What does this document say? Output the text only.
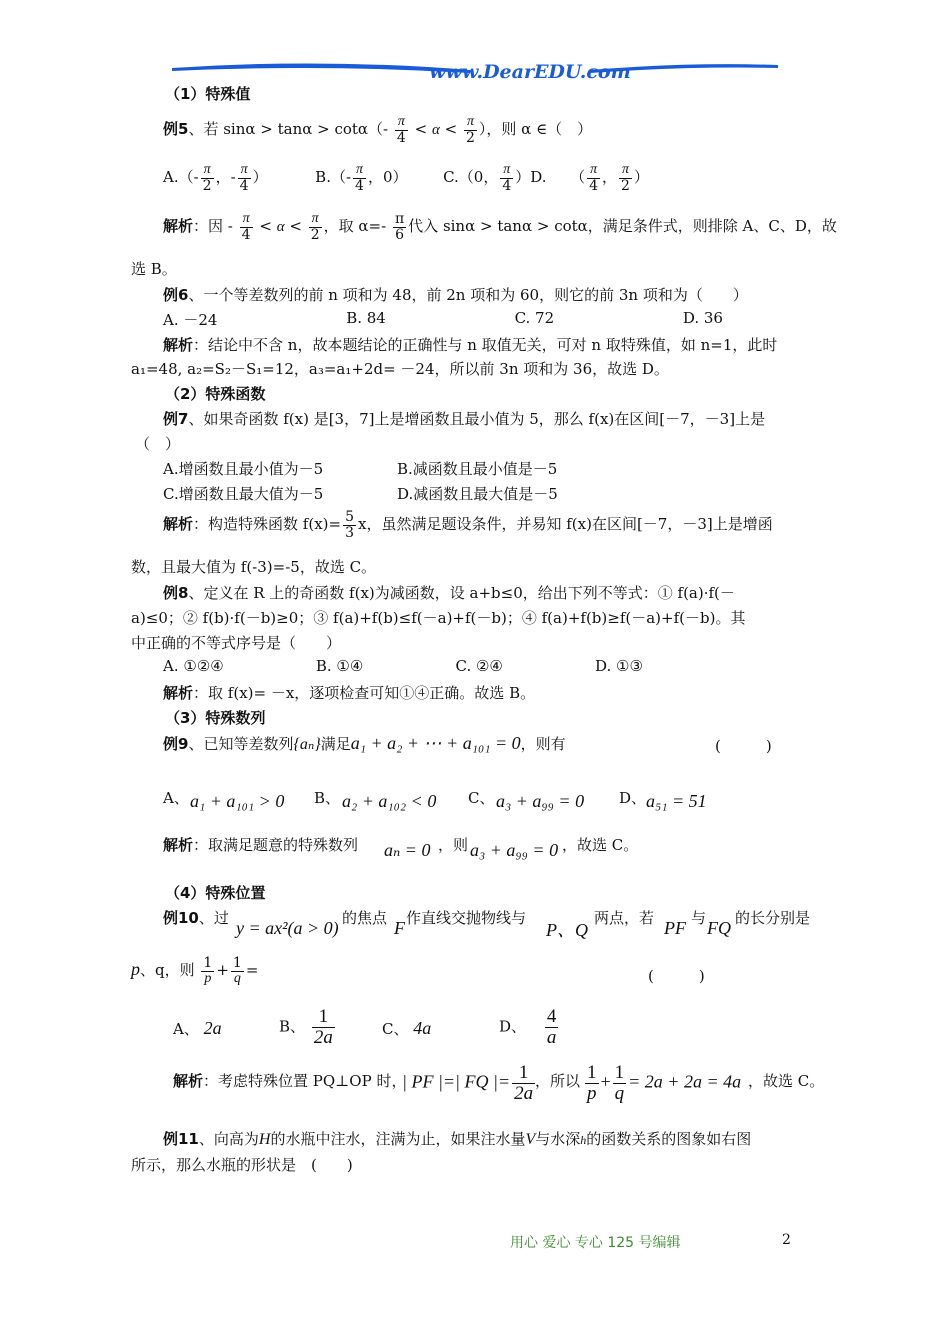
www.DearEDU.com
（1）特殊值
例5、若 $\sin\alpha > \tan\alpha > \cot\alpha(- \frac{\pi}{4} < \alpha < \frac{\pi}{2}$ ），则 α ∈（　）
$A.(- \frac{\pi}{2}$ ，- $\frac{\pi}{4}$ ）	$B.(- \frac{\pi}{4}$ ，0） C.（0， $\frac{\pi}{4} )D$. （ $\frac{\pi}{4}$ ， $\frac{\pi}{2}$ ）
解析：因 - $\frac{\pi}{4} < \alpha < \frac{\pi}{2}$ ，取 $\alpha=- \frac{\pi}{6}$ 代入 sinα > tanα > cotα，满足条件式，则排除 A、C、D，故
选 B。
例6、一个等差数列的前 n 项和为 48，前 2n 项和为 60，则它的前 3n 项和为（　　）
A. －24	B. 84	C. 72	D. 36
解析：结论中不含 n，故本题结论的正确性与 n 取值无关，可对 n 取特殊值，如 n=1，此时
a₁=48, a₂=S₂－S₁=12，a₃=a₁+2d= －24，所以前 3n 项和为 36，故选 D。
（2）特殊函数
例7、如果奇函数 f(x) 是[3，7]上是增函数且最小值为 5，那么 f(x)在区间[－7，－3]上是
（　）
A.增函数且最小值为－5	B.减函数且最小值是－5
C.增函数且最大值为－5	D.减函数且最大值是－5
解析：构造特殊函数 $f(x)= \frac{5}{3}$ x，虽然满足题设条件，并易知 f(x)在区间[－7，－3]上是增函
数，且最大值为 f(-3)=-5，故选 C。
例8、定义在 R 上的奇函数 f(x)为减函数，设 a+b≤0，给出下列不等式：① f(a)·f(－
a)≤0；② f(b)·f(－b)≥0；③ f(a)+f(b)≤f(－a)+f(－b)；④ f(a)+f(b)≥f(－a)+f(－b)。其
中正确的不等式序号是（　　）
A. ①②④	B. ①④	C. ②④	D. ①③
解析：取 f(x)= －x，逐项检查可知①④正确。故选 B。
（3）特殊数列
例9、已知等差数列{aₙ}满足a₁ + a₂ + ⋯ + a₁₀₁ = 0，则有	(　　　)
A、 a₁ + a₁₀₁ > 0 B、 a₂ + a₁₀₂ < 0 C、 a₃ + a₉₉ = 0 D、 a₅₁ = 51
解析：取满足题意的特殊数列 aₙ = 0 ，则 a₃ + a₉₉ = 0 ，故选 C。
（4）特殊位置
例10、过 y = ax²(a > 0) 的焦点 F 作直线交抛物线与
P、Q
两点，若 PF 与 FQ 的长分别是
p、q，则 $\frac{1}{p} + \frac{1}{q}$ =	(　　　)
A、 2a	B、 $\frac{1}{2a}$	C、 4a	D、 $\frac{4}{a}$
解析：考虑特殊位置 PQ⊥OP 时，
| PF |=| FQ |= $\frac{1}{2a}$ ，所以 $\frac{1}{p} + \frac{1}{q} = 2a + 2a = 4a$ ，故选 C。
例11、向高为H的水瓶中注水，注满为止，如果注水量V与水深h的函数关系的图象如右图
所示，那么水瓶的形状是　(　　)
用心 爱心 专心 125 号编辑	2
